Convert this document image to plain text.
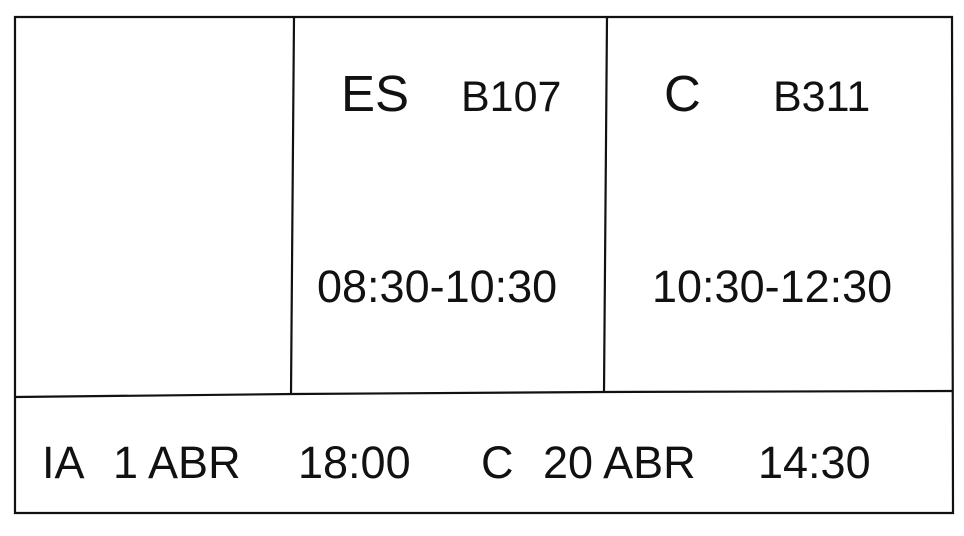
ES B107
08:30-10:30
C B311
10:30-12:30
IA 1 ABR 18:00 C 20 ABR 14:30
